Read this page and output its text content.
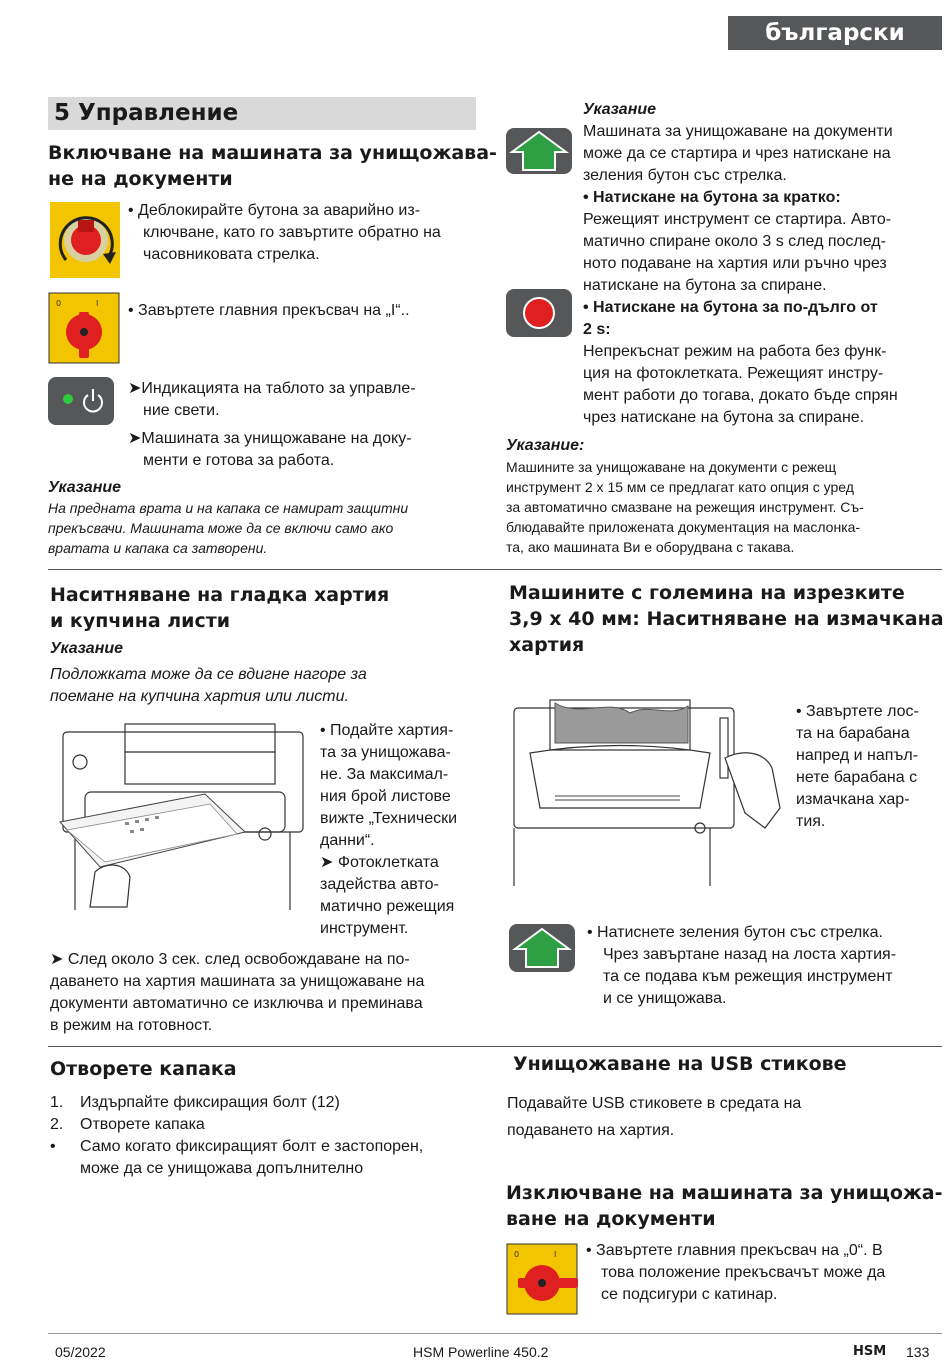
български
5 Управление
Включване на машината за унищожава-
не на документи
• Деблокирайте бутона за аварийно из-
ключване, като го завъртите обратно на
часовниковата стрелка.
0	I • Завъртете главния прекъсвач на „I“..
➤Индикацията на таблото за управле-
ние свети.
➤Машината за унищожаване на доку-
менти е готова за работа.
Указание
На предната врата и на капака се намират защитни
прекъсвачи. Машината може да се включи само ако
вратата и капака са затворени.
Указание
Машината за унищожаване на документи
може да се стартира и чрез натискане на
зеления бутон със стрелка.
• Натискане на бутона за кратко:
Режещият инструмент се стартира. Авто-
матично спиране около 3 s след послед-
ното подаване на хартия или ръчно чрез
натискане на бутона за спиране.
• Натискане на бутона за по-дълго от
2 s:
Непрекъснат режим на работа без функ-
ция на фотоклетката. Режещият инстру-
мент работи до тогава, докато бъде спрян
чрез натискане на бутона за спиране.
Указание:
Машините за унищожаване на документи с режещ
инструмент 2 x 15 мм се предлагат като опция с уред
за автоматично смазване на режещия инструмент. Съ-
блюдавайте приложената документация на маслонка-
та, ако машината Ви е оборудвана с такава.
Наситняване на гладка хартия
и купчина листи
Указание
Подложката може да се вдигне нагоре за
поемане на купчина хартия или листи.
• Подайте хартия-
та за унищожава-
не. За максимал-
ния брой листове
вижте „Технически
данни“.
➤ Фотоклетката
задейства авто-
матично режещия
инструмент.
➤ След около 3 сек. след освобождаване на по-
даването на хартия машината за унищожаване на
документи автоматично се изключва и преминава
в режим на готовност.
Машините с големина на изрезките
3,9 x 40 мм: Наситняване на измачкана
хартия
• Завъртете лос-
та на барабана
напред и напъл-
нете барабана с
измачкана хар-
тия.
• Натиснете зеления бутон със стрелка.
Чрез завъртане назад на лоста хартия-
та се подава към режещия инструмент
и се унищожава.
Отворете капака
1.	Издърпайте фиксиращия болт (12)
2.	Отворете капака
•	Само когато фиксиращият болт е застопорен,
може да се унищожава допълнително
Унищожаване на USB стикове
Подавайте USB стиковете в средата на
подаването на хартия.
Изключване на машината за унищожа-
ване на документи
0	I • Завъртете главния прекъсвач на „0“. В
това положение прекъсвачът може да
се подсигури с катинар.
05/2022	HSM Powerline 450.2	HSM 133
